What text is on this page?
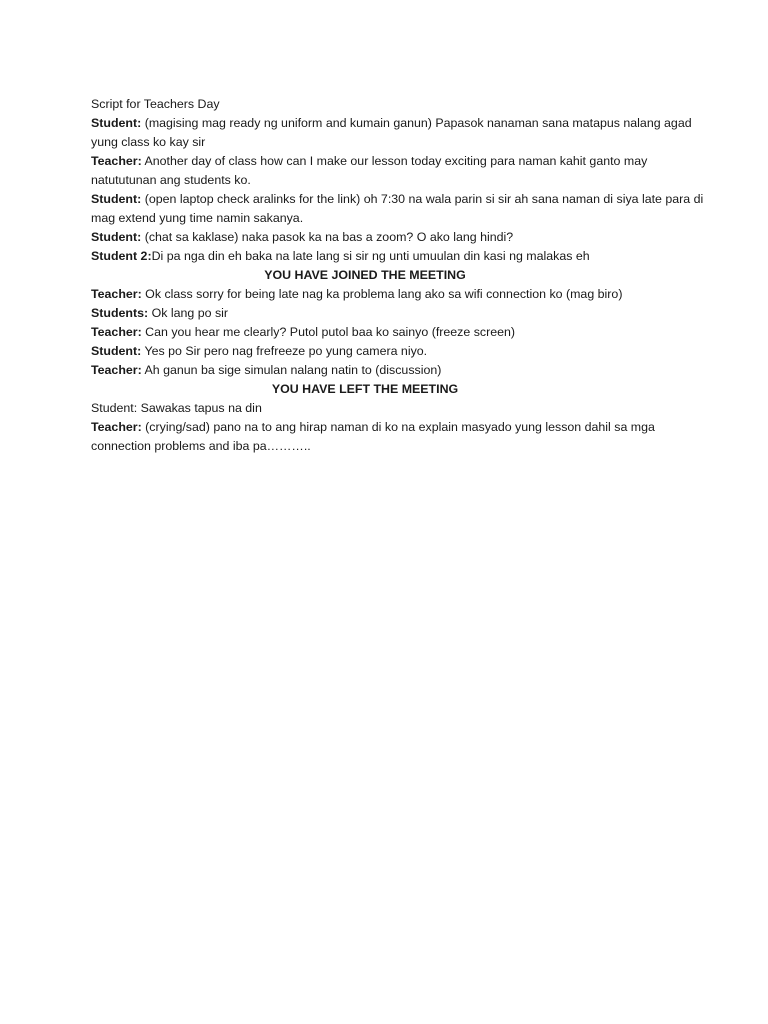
Script for Teachers Day
Student: (magising mag ready ng uniform and kumain ganun) Papasok nanaman sana matapus nalang agad yung class ko kay sir
Teacher: Another day of class how can I make our lesson today exciting para naman kahit ganto may natututunan ang students ko.
Student: (open laptop check aralinks for the link) oh 7:30 na wala parin si sir ah sana naman di siya late para di mag extend yung time namin sakanya.
Student: (chat sa kaklase) naka pasok ka na bas a zoom? O ako lang hindi?
Student 2:Di pa nga din eh baka na late lang si sir ng unti umuulan din kasi ng malakas eh
YOU HAVE JOINED THE MEETING
Teacher: Ok class sorry for being late nag ka problema lang ako sa wifi connection ko (mag biro)
Students: Ok lang po sir
Teacher: Can you hear me clearly? Putol putol baa ko sainyo (freeze screen)
Student: Yes po Sir pero nag frefreeze po yung camera niyo.
Teacher: Ah ganun ba sige simulan nalang natin to (discussion)
YOU HAVE LEFT THE MEETING
Student: Sawakas tapus na din
Teacher: (crying/sad) pano na to ang hirap naman di ko na explain masyado yung lesson dahil sa mga connection problems and iba pa………..
